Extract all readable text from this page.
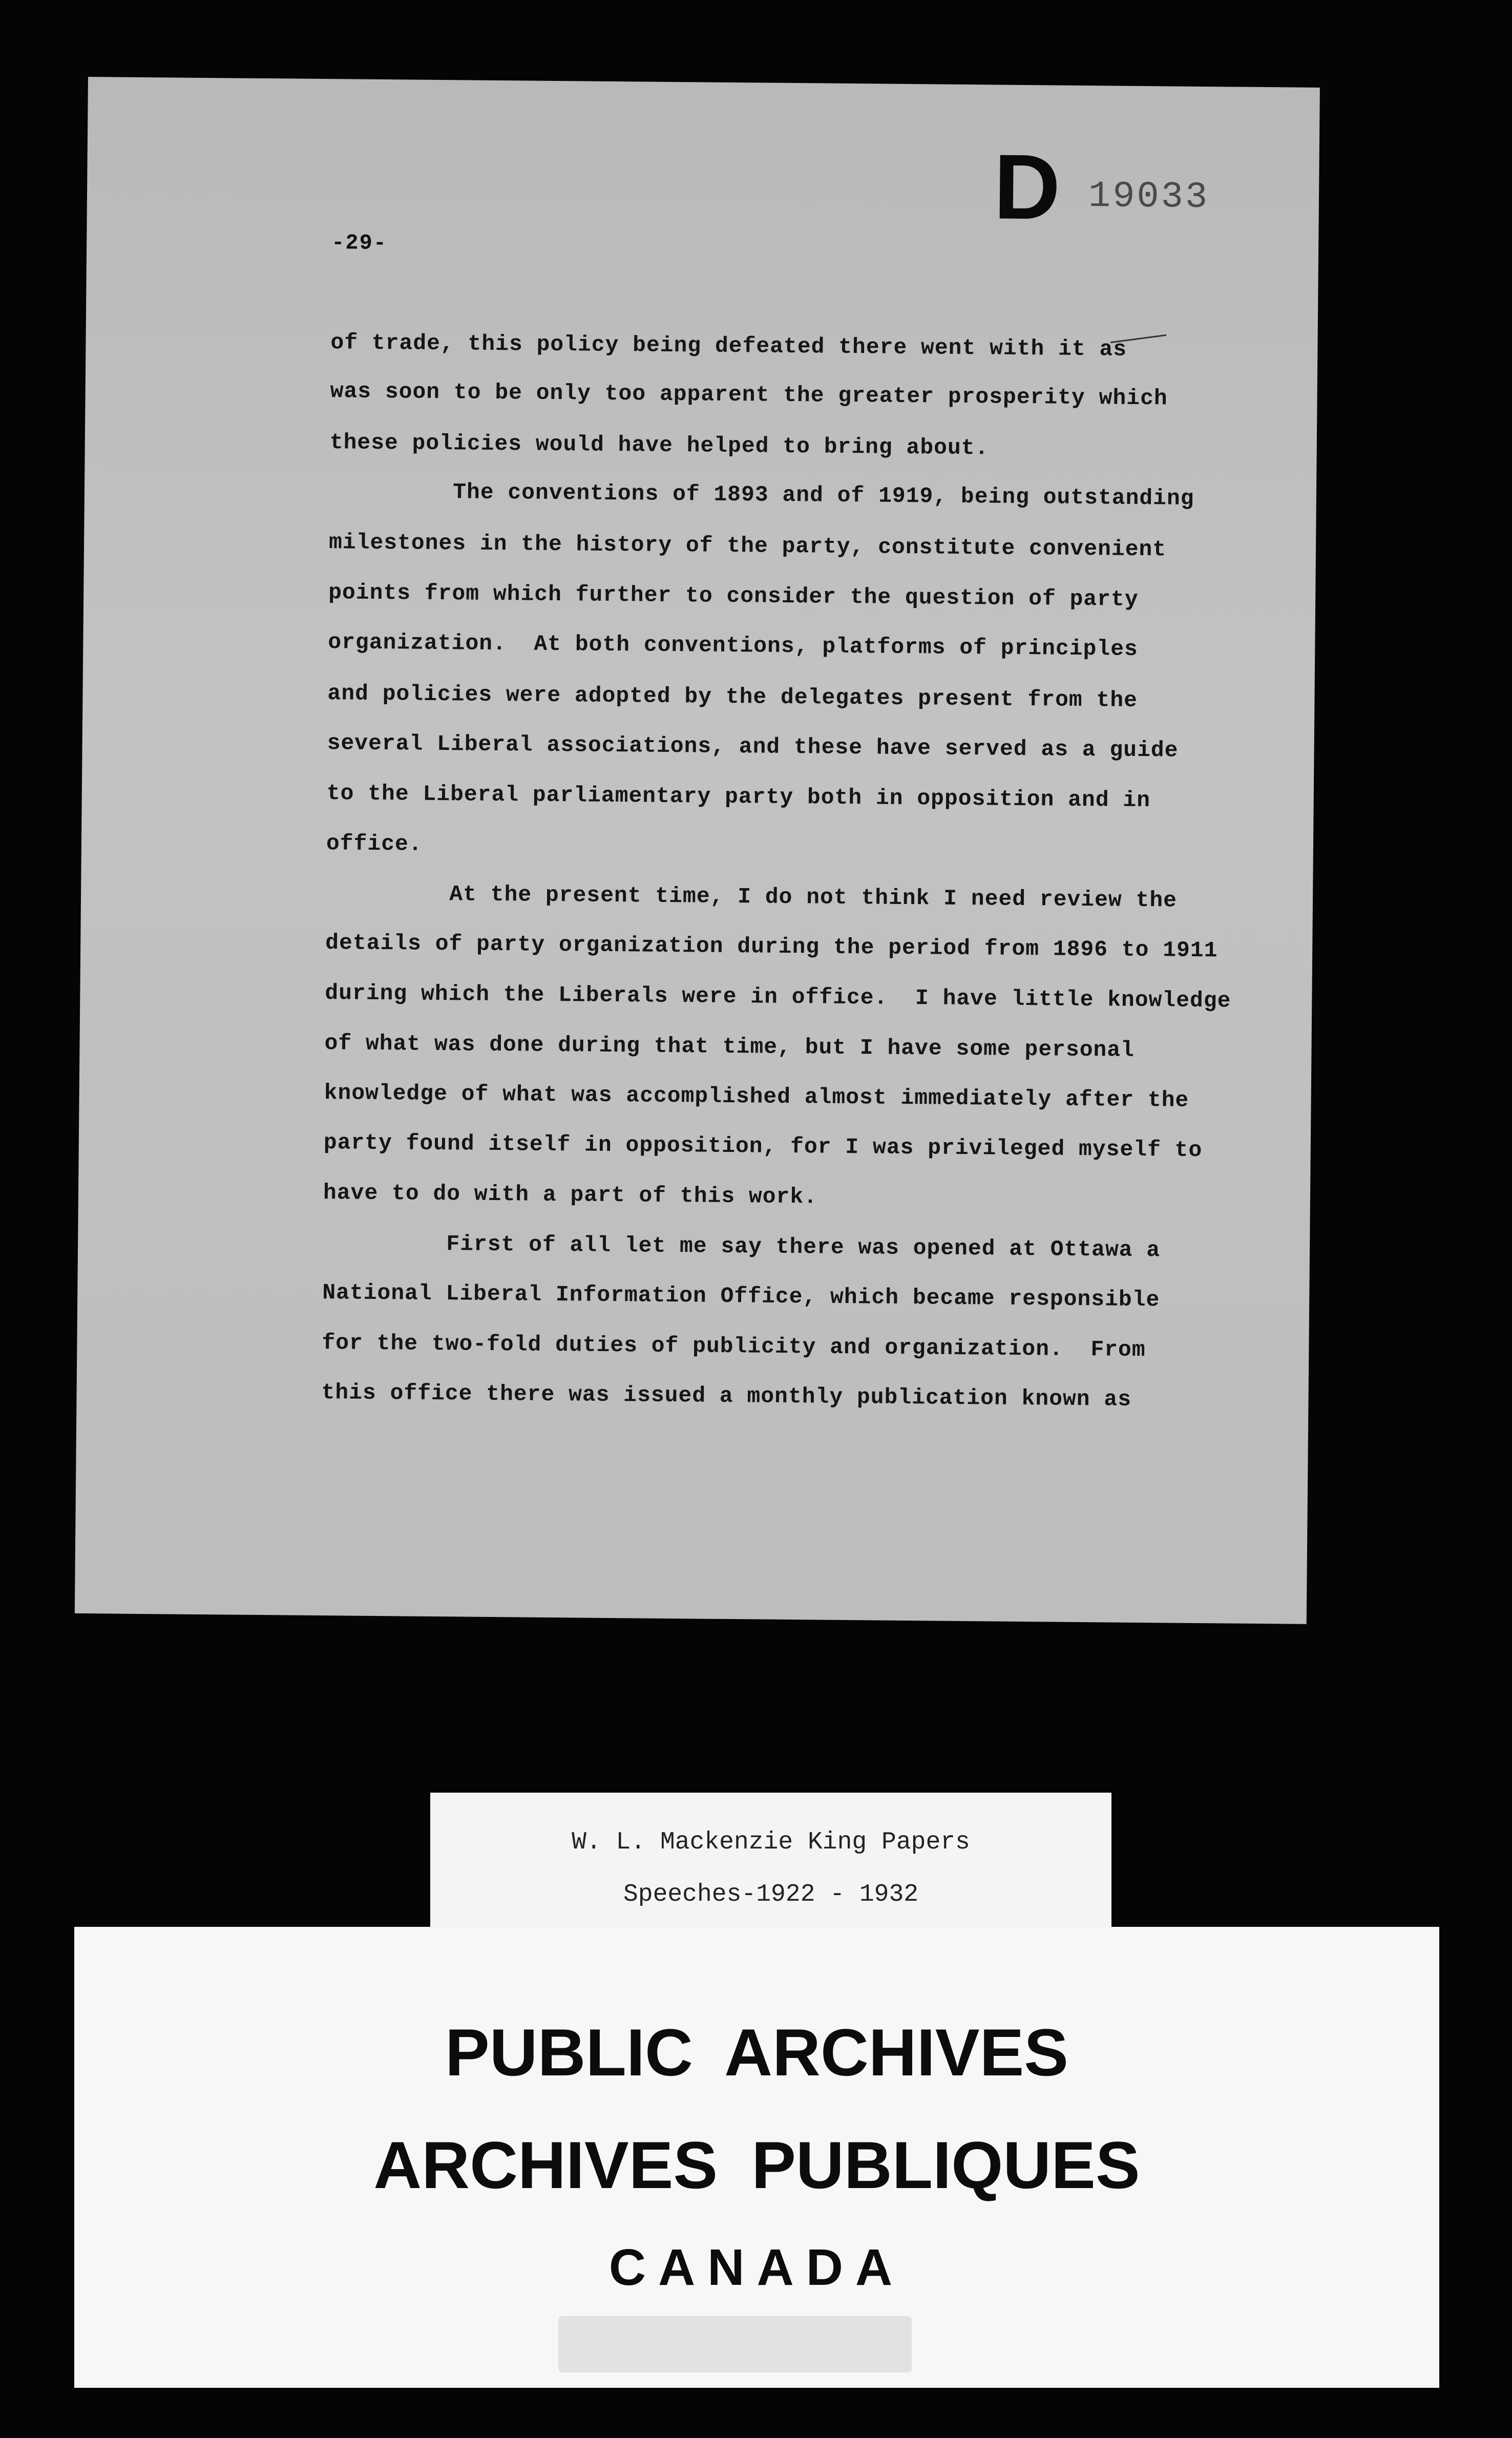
D 19033
-29-
of trade, this policy being defeated there went with it as
was soon to be only too apparent the greater prosperity which
these policies would have helped to bring about.
The conventions of 1893 and of 1919, being outstanding
milestones in the history of the party, constitute convenient
points from which further to consider the question of party
organization.  At both conventions, platforms of principles
and policies were adopted by the delegates present from the
several Liberal associations, and these have served as a guide
to the Liberal parliamentary party both in opposition and in
office.
At the present time, I do not think I need review the
details of party organization during the period from 1896 to 1911
during which the Liberals were in office.  I have little knowledge
of what was done during that time, but I have some personal
knowledge of what was accomplished almost immediately after the
party found itself in opposition, for I was privileged myself to
have to do with a part of this work.
First of all let me say there was opened at Ottawa a
National Liberal Information Office, which became responsible
for the two-fold duties of publicity and organization.  From
this office there was issued a monthly publication known as
W. L. Mackenzie King Papers
Speeches-1922 - 1932
PUBLIC ARCHIVES
ARCHIVES PUBLIQUES
CANADA
